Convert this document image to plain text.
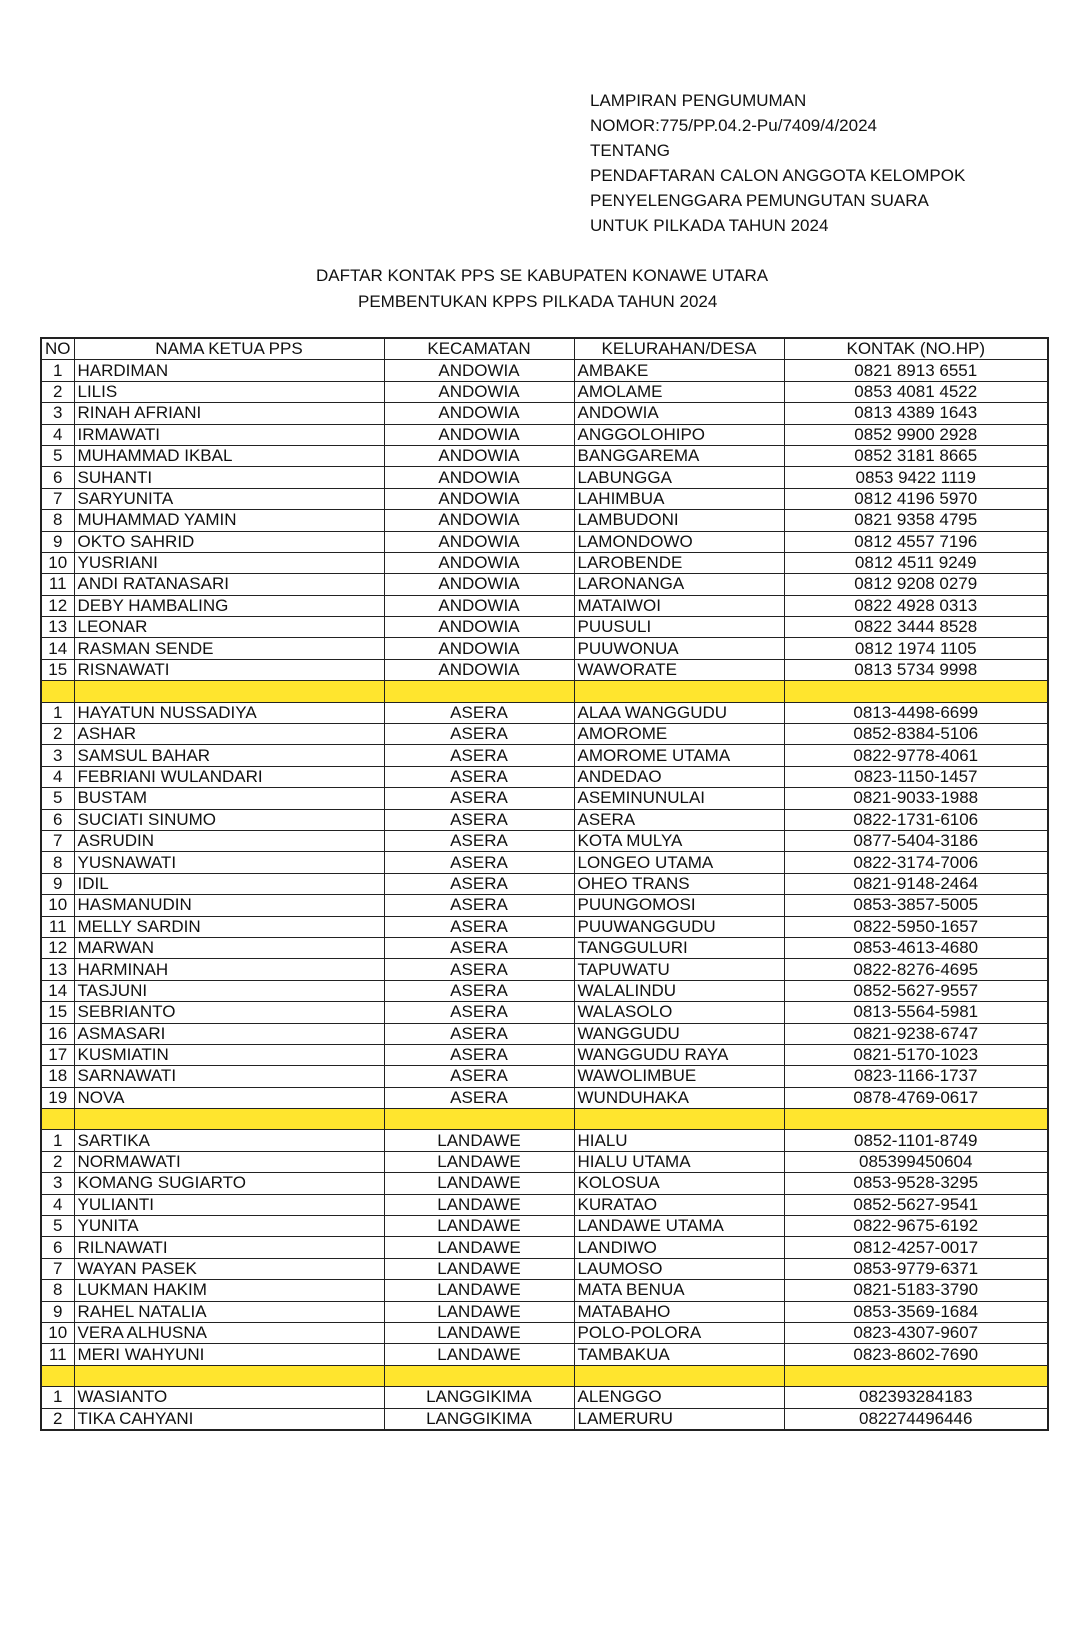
LAMPIRAN PENGUMUMAN
NOMOR:775/PP.04.2-Pu/7409/4/2024
TENTANG
PENDAFTARAN CALON ANGGOTA KELOMPOK
PENYELENGGARA PEMUNGUTAN SUARA
UNTUK PILKADA TAHUN 2024
DAFTAR KONTAK PPS SE KABUPATEN KONAWE UTARA
PEMBENTUKAN KPPS PILKADA TAHUN 2024
NO	NAMA KETUA PPS	KECAMATAN	KELURAHAN/DESA	KONTAK (NO.HP)
1	HARDIMAN	ANDOWIA	AMBAKE	0821 8913 6551
2	LILIS	ANDOWIA	AMOLAME	0853 4081 4522
3	RINAH AFRIANI	ANDOWIA	ANDOWIA	0813 4389 1643
4	IRMAWATI	ANDOWIA	ANGGOLOHIPO	0852 9900 2928
5	MUHAMMAD IKBAL	ANDOWIA	BANGGAREMA	0852 3181 8665
6	SUHANTI	ANDOWIA	LABUNGGA	0853 9422 1119
7	SARYUNITA	ANDOWIA	LAHIMBUA	0812 4196 5970
8	MUHAMMAD YAMIN	ANDOWIA	LAMBUDONI	0821 9358 4795
9	OKTO SAHRID	ANDOWIA	LAMONDOWO	0812 4557 7196
10	YUSRIANI	ANDOWIA	LAROBENDE	0812 4511 9249
11	ANDI RATANASARI	ANDOWIA	LARONANGA	0812 9208 0279
12	DEBY HAMBALING	ANDOWIA	MATAIWOI	0822 4928 0313
13	LEONAR	ANDOWIA	PUUSULI	0822 3444 8528
14	RASMAN SENDE	ANDOWIA	PUUWONUA	0812 1974 1105
15	RISNAWATI	ANDOWIA	WAWORATE	0813 5734 9998

1	HAYATUN NUSSADIYA	ASERA	ALAA WANGGUDU	0813-4498-6699
2	ASHAR	ASERA	AMOROME	0852-8384-5106
3	SAMSUL BAHAR	ASERA	AMOROME UTAMA	0822-9778-4061
4	FEBRIANI WULANDARI	ASERA	ANDEDAO	0823-1150-1457
5	BUSTAM	ASERA	ASEMINUNULAI	0821-9033-1988
6	SUCIATI SINUMO	ASERA	ASERA	0822-1731-6106
7	ASRUDIN	ASERA	KOTA MULYA	0877-5404-3186
8	YUSNAWATI	ASERA	LONGEO UTAMA	0822-3174-7006
9	IDIL	ASERA	OHEO TRANS	0821-9148-2464
10	HASMANUDIN	ASERA	PUUNGOMOSI	0853-3857-5005
11	MELLY SARDIN	ASERA	PUUWANGGUDU	0822-5950-1657
12	MARWAN	ASERA	TANGGULURI	0853-4613-4680
13	HARMINAH	ASERA	TAPUWATU	0822-8276-4695
14	TASJUNI	ASERA	WALALINDU	0852-5627-9557
15	SEBRIANTO	ASERA	WALASOLO	0813-5564-5981
16	ASMASARI	ASERA	WANGGUDU	0821-9238-6747
17	KUSMIATIN	ASERA	WANGGUDU RAYA	0821-5170-1023
18	SARNAWATI	ASERA	WAWOLIMBUE	0823-1166-1737
19	NOVA	ASERA	WUNDUHAKA	0878-4769-0617

1	SARTIKA	LANDAWE	HIALU	0852-1101-8749
2	NORMAWATI	LANDAWE	HIALU UTAMA	085399450604
3	KOMANG SUGIARTO	LANDAWE	KOLOSUA	0853-9528-3295
4	YULIANTI	LANDAWE	KURATAO	0852-5627-9541
5	YUNITA	LANDAWE	LANDAWE UTAMA	0822-9675-6192
6	RILNAWATI	LANDAWE	LANDIWO	0812-4257-0017
7	WAYAN PASEK	LANDAWE	LAUMOSO	0853-9779-6371
8	LUKMAN HAKIM	LANDAWE	MATA BENUA	0821-5183-3790
9	RAHEL NATALIA	LANDAWE	MATABAHO	0853-3569-1684
10	VERA ALHUSNA	LANDAWE	POLO-POLORA	0823-4307-9607
11	MERI WAHYUNI	LANDAWE	TAMBAKUA	0823-8602-7690

1	WASIANTO	LANGGIKIMA	ALENGGO	082393284183
2	TIKA CAHYANI	LANGGIKIMA	LAMERURU	082274496446
